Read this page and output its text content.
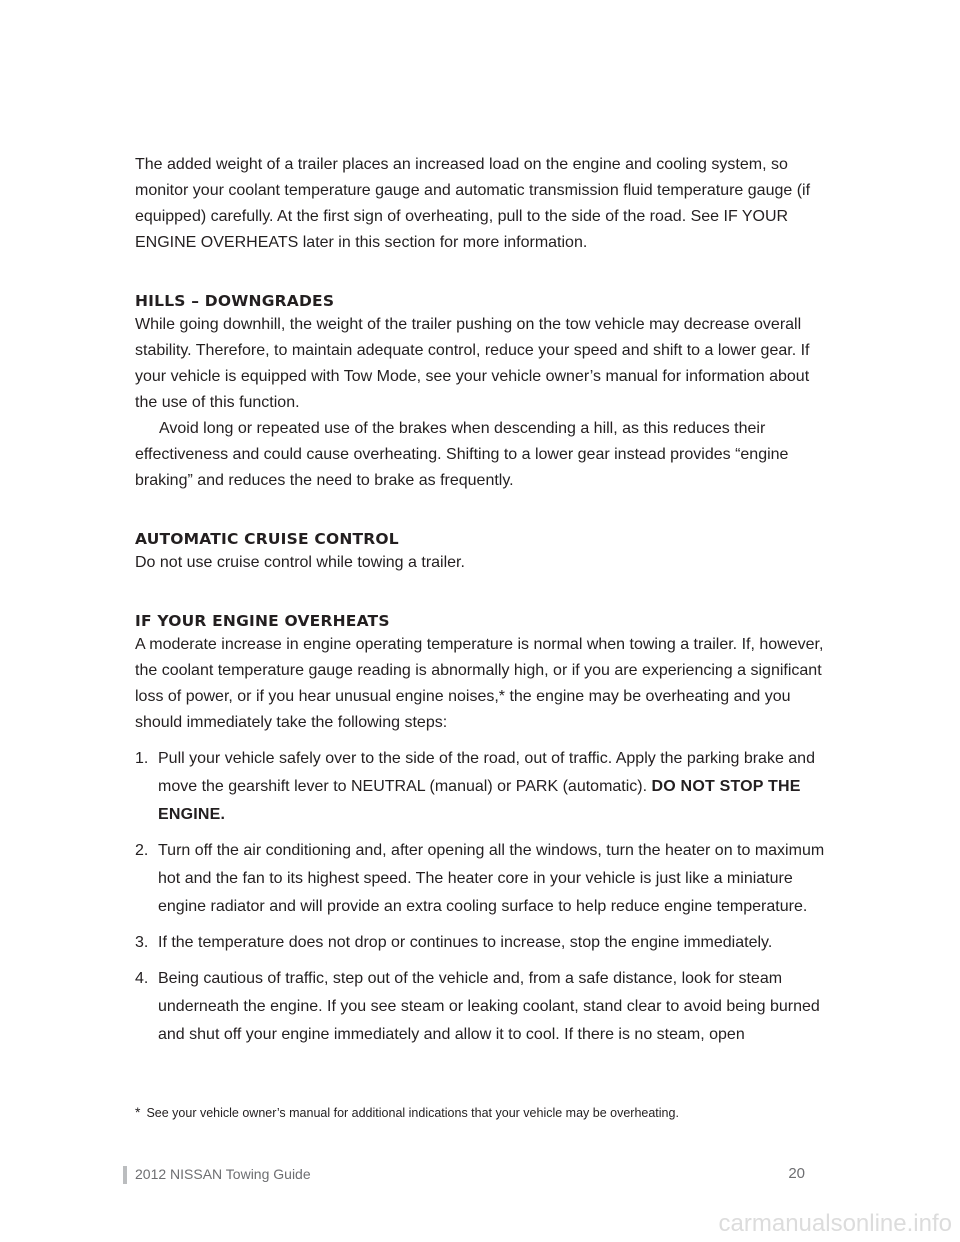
The added weight of a trailer places an increased load on the engine and cooling system, so monitor your coolant temperature gauge and automatic transmission fluid temperature gauge (if equipped) carefully. At the first sign of overheating, pull to the side of the road. See IF YOUR ENGINE OVERHEATS later in this section for more information.

HILLS – DOWNGRADES

While going downhill, the weight of the trailer pushing on the tow vehicle may decrease overall stability. Therefore, to maintain adequate control, reduce your speed and shift to a lower gear. If your vehicle is equipped with Tow Mode, see your vehicle owner’s manual for information about the use of this function.

Avoid long or repeated use of the brakes when descending a hill, as this reduces their effectiveness and could cause overheating. Shifting to a lower gear instead provides “engine braking” and reduces the need to brake as frequently.

AUTOMATIC CRUISE CONTROL

Do not use cruise control while towing a trailer.

IF YOUR ENGINE OVERHEATS

A moderate increase in engine operating temperature is normal when towing a trailer. If, however, the coolant temperature gauge reading is abnormally high, or if you are experiencing a significant loss of power, or if you hear unusual engine noises,* the engine may be overheating and you should immediately take the following steps:

1. Pull your vehicle safely over to the side of the road, out of traffic. Apply the parking brake and move the gearshift lever to NEUTRAL (manual) or PARK (automatic). DO NOT STOP THE ENGINE.
2. Turn off the air conditioning and, after opening all the windows, turn the heater on to maximum hot and the fan to its highest speed. The heater core in your vehicle is just like a miniature engine radiator and will provide an extra cooling surface to help reduce engine temperature.
3. If the temperature does not drop or continues to increase, stop the engine immediately.
4. Being cautious of traffic, step out of the vehicle and, from a safe distance, look for steam underneath the engine. If you see steam or leaking coolant, stand clear to avoid being burned and shut off your engine immediately and allow it to cool. If there is no steam, open
* See your vehicle owner’s manual for additional indications that your vehicle may be overheating.
2012 NISSAN Towing Guide	20
carmanualsonline.info
